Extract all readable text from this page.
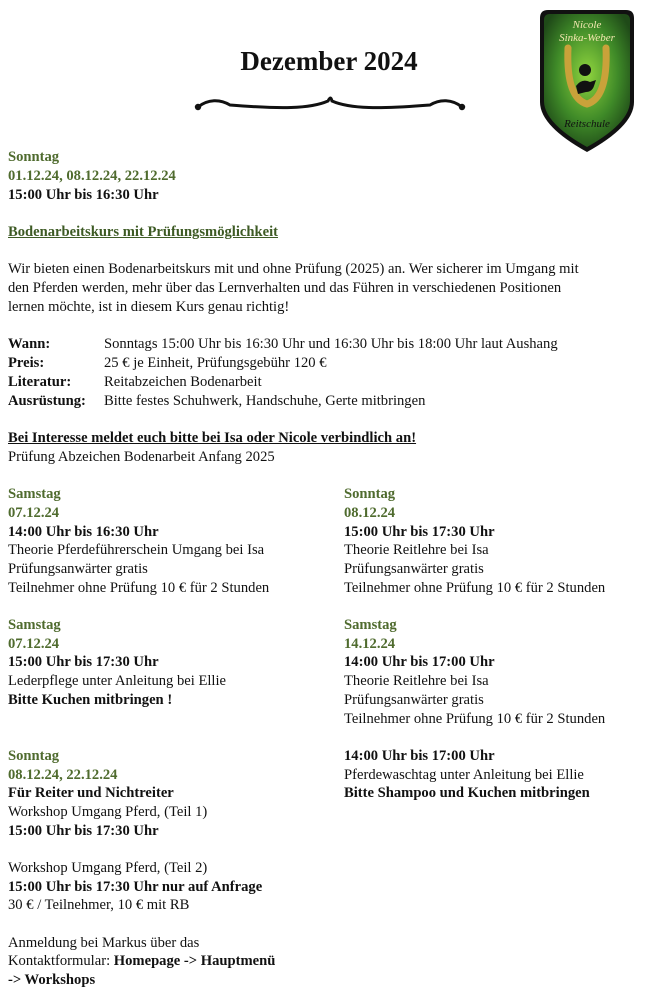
Dezember 2024
Nicole
Sinka-Weber
Reitschule
Sonntag
01.12.24, 08.12.24, 22.12.24
15:00 Uhr bis 16:30 Uhr
Bodenarbeitskurs mit Prüfungsmöglichkeit
Wir bieten einen Bodenarbeitskurs mit und ohne Prüfung (2025) an. Wer sicherer im Umgang mit
den Pferden werden, mehr über das Lernverhalten und das Führen in verschiedenen Positionen
lernen möchte, ist in diesem Kurs genau richtig!
Wann:	Sonntags 15:00 Uhr bis 16:30 Uhr und 16:30 Uhr bis 18:00 Uhr laut Aushang
Preis:	25 € je Einheit, Prüfungsgebühr 120 €
Literatur:	Reitabzeichen Bodenarbeit
Ausrüstung:	Bitte festes Schuhwerk, Handschuhe, Gerte mitbringen
Bei Interesse meldet euch bitte bei Isa oder Nicole verbindlich an!
Prüfung Abzeichen Bodenarbeit Anfang 2025
Samstag
07.12.24
14:00 Uhr bis 16:30 Uhr
Theorie Pferdeführerschein Umgang bei Isa
Prüfungsanwärter gratis
Teilnehmer ohne Prüfung 10 € für 2 Stunden
Samstag
07.12.24
15:00 Uhr bis 17:30 Uhr
Lederpflege unter Anleitung bei Ellie
Bitte Kuchen mitbringen !
Sonntag
08.12.24, 22.12.24
Für Reiter und Nichtreiter
Workshop Umgang Pferd, (Teil 1)
15:00 Uhr bis 17:30 Uhr
Workshop Umgang Pferd, (Teil 2)
15:00 Uhr bis 17:30 Uhr nur auf Anfrage
30 € / Teilnehmer, 10 € mit RB
Anmeldung bei Markus über das
Kontaktformular: Homepage -> Hauptmenü
-> Workshops
Sonntag
08.12.24
15:00 Uhr bis 17:30 Uhr
Theorie Reitlehre bei Isa
Prüfungsanwärter gratis
Teilnehmer ohne Prüfung 10 € für 2 Stunden
Samstag
14.12.24
14:00 Uhr bis 17:00 Uhr
Theorie Reitlehre bei Isa
Prüfungsanwärter gratis
Teilnehmer ohne Prüfung 10 € für 2 Stunden
14:00 Uhr bis 17:00 Uhr
Pferdewaschtag unter Anleitung bei Ellie
Bitte Shampoo und Kuchen mitbringen
